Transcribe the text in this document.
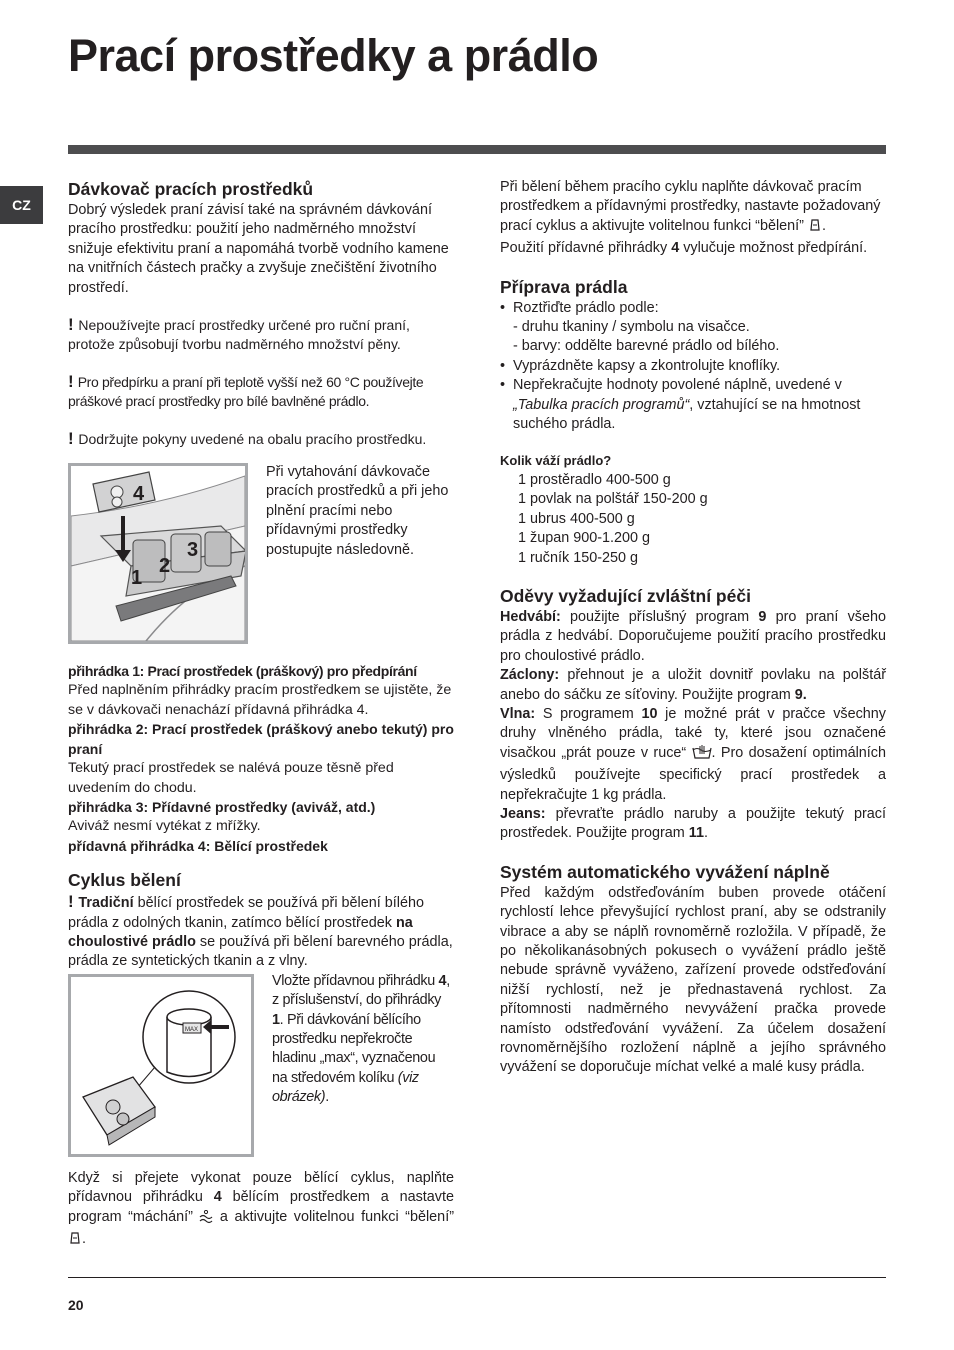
Prací prostředky a prádlo
CZ
Dávkovač pracích prostředků

Dobrý výsledek praní závisí také na správném dávkování pracího prostředku: použití jeho nadměrného množství snižuje efektivitu praní a napomáhá tvorbě vodního kamene na vnitřních částech pračky a zvyšuje znečištění životního prostředí.

! Nepoužívejte prací prostředky určené pro ruční praní, protože způsobují tvorbu nadměrného množství pěny.

! Pro předpírku a praní při teplotě vyšší než 60 °C používejte práškové prací prostředky pro bílé bavlněné prádlo.

! Dodržujte pokyny uvedené na obalu pracího prostředku.

4
1
2
3

Při vytahování dávkovače pracích prostředků a při jeho plnění pracími nebo přídavnými prostředky postupujte následovně.

přihrádka 1: Prací prostředek (práškový) pro předpírání

Před naplněním přihrádky pracím prostředkem se ujistěte, že se v dávkovači nenachází přídavná přihrádka 4.

přihrádka 2: Prací prostředek (práškový anebo tekutý) pro praní

Tekutý prací prostředek se nalévá pouze těsně před uvedením do chodu.

přihrádka 3: Přídavné prostředky (aviváž, atd.)

Aviváž nesmí vytékat z mřížky.

přídavná přihrádka 4: Bělící prostředek

Cyklus bělení

! Tradiční bělící prostředek se používá při bělení bílého prádla z odolných tkanin, zatímco bělící prostředek na choulostivé prádlo se používá při bělení barevného prádla, prádla ze syntetických tkanin a z vlny.

MAX

Vložte přídavnou přihrádku 4, z příslušenství, do přihrádky 1. Při dávkování bělícího prostředku nepřekročte hladinu „max“, vyznačenou na středovém kolíku (viz obrázek).

Když si přejete vykonat pouze bělící cyklus, naplňte přídavnou přihrádku 4 bělícím prostředkem a nastavte program “máchání”  a aktivujte volitelnou funkci “bělení” .

Při bělení během pracího cyklu naplňte dávkovač pracím prostředkem a přídavnými prostředky, nastavte požadovaný prací cyklus a aktivujte volitelnou funkci “bělení” .

Použití přídavné přihrádky 4 vylučuje možnost předpírání.

Příprava prádla
• Roztřiďte prádlo podle:
- druhu tkaniny / symbolu na visačce.
- barvy: oddělte barevné prádlo od bílého.
• Vyprázdněte kapsy a zkontrolujte knoflíky.
• Nepřekračujte hodnoty povolené náplně, uvedené v „Tabulka pracích programů“, vztahující se na hmotnost suchého prádla.

Kolik váží prádlo?

1 prostěradlo 400-500 g
1 povlak na polštář 150-200 g
1 ubrus 400-500 g
1 župan 900-1.200 g
1 ručník 150-250 g
Oděvy vyžadující zvláštní péči

Hedvábí: použijte příslušný program 9 pro praní všeho prádla z hedvábí. Doporučujeme použití pracího prostředku pro choulostivé prádlo.

Záclony: přehnout je a uložit dovnitř povlaku na polštář anebo do sáčku ze síťoviny. Použijte program 9.

Vlna: S programem 10 je možné prát v pračce všechny druhy vlněného prádla, také ty, které jsou označené visačkou „prát pouze v ruce“ . Pro dosažení optimálních výsledků používejte specifický prací prostředek a nepřekračujte 1 kg prádla.

Jeans: převraťte prádlo naruby a použijte tekutý prací prostředek. Použijte program 11.

Systém automatického vyvážení náplně

Před každým odstřeďováním buben provede otáčení rychlostí lehce převyšující rychlost praní, aby se odstranily vibrace a aby se náplň rovnoměrně rozložila. V případě, že po několikanásobných pokusech o vyvážení prádlo ještě nebude správně vyváženo, zařízení provede odstřeďování nižší rychlostí, než je přednastavená rychlost. Za přítomnosti nadměrného nevyvážení pračka provede namísto odstřeďování vyvážení. Za účelem dosažení rovnoměrnějšího rozložení náplně a jejího správného vyvážení se doporučuje míchat velké a malé kusy prádla.

20
